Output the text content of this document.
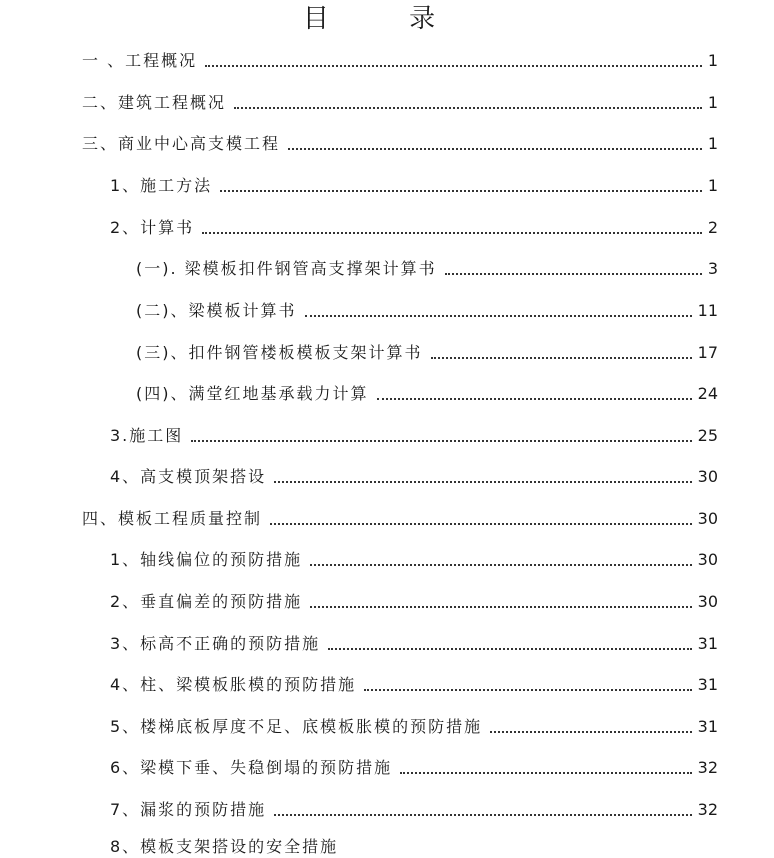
目 录
一 、工程概况	1
二、建筑工程概况	1
三、商业中心高支模工程	1
1、施工方法	1
2、计算书	2
(一). 梁模板扣件钢管高支撑架计算书	3
(二)、梁模板计算书	11
(三)、扣件钢管楼板模板支架计算书	17
(四)、满堂红地基承载力计算	24
3.施工图	25
4、高支模顶架搭设	30
四、模板工程质量控制	30
1、轴线偏位的预防措施	30
2、垂直偏差的预防措施	30
3、标高不正确的预防措施	31
4、柱、梁模板胀模的预防措施	31
5、楼梯底板厚度不足、底模板胀模的预防措施	31
6、梁模下垂、失稳倒塌的预防措施	32
7、漏浆的预防措施	32
8、模板支架搭设的安全措施
